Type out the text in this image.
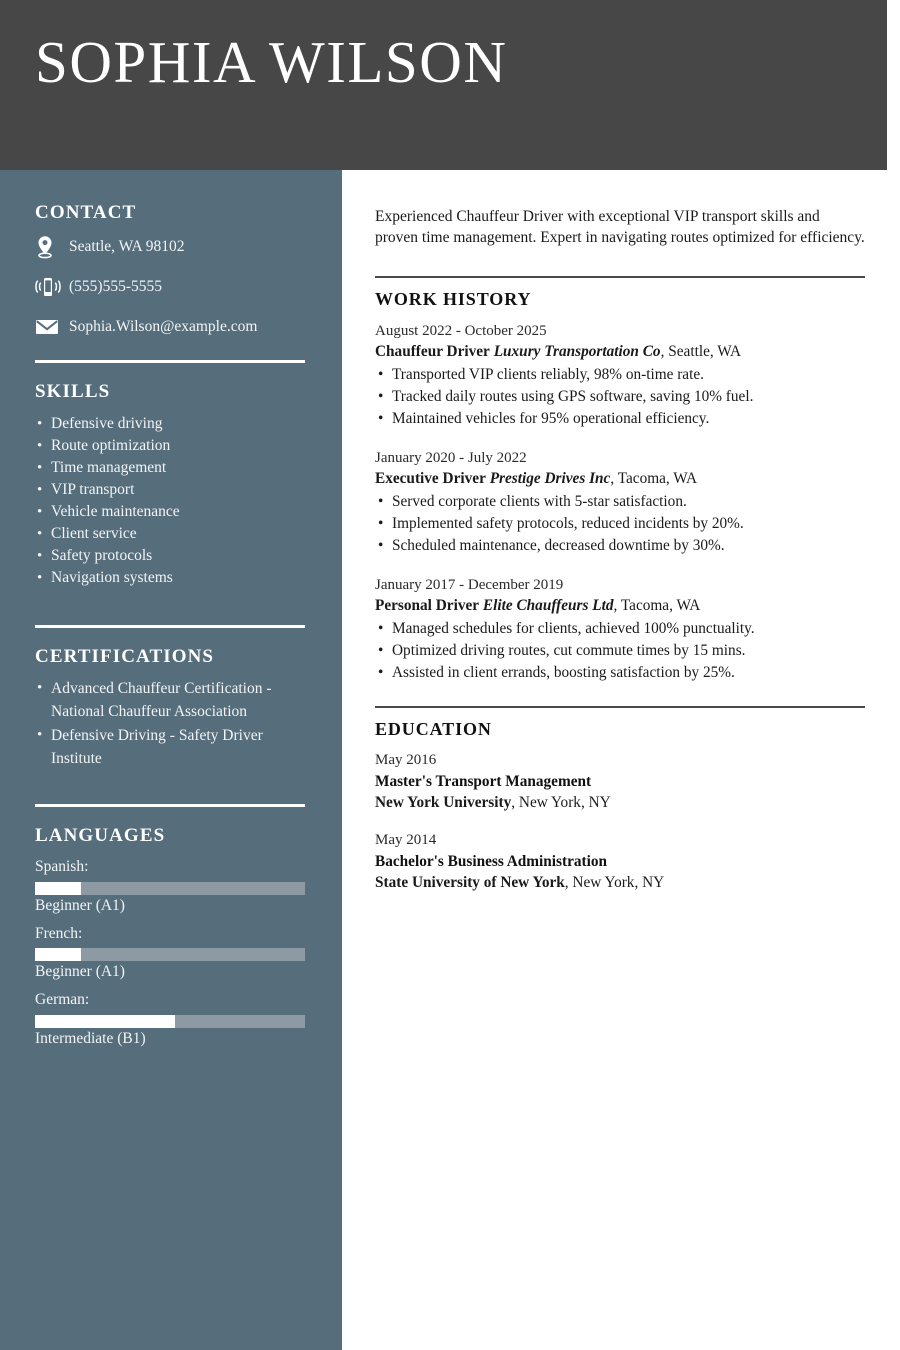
SOPHIA WILSON
CONTACT
Seattle, WA 98102
(555)555-5555
Sophia.Wilson@example.com
SKILLS
• Defensive driving
• Route optimization
• Time management
• VIP transport
• Vehicle maintenance
• Client service
• Safety protocols
• Navigation systems
CERTIFICATIONS
• Advanced Chauffeur Certification - National Chauffeur Association
• Defensive Driving - Safety Driver Institute
LANGUAGES
Spanish:
Beginner (A1)
French:
Beginner (A1)
German:
Intermediate (B1)

Experienced Chauffeur Driver with exceptional VIP transport skills and proven time management. Expert in navigating routes optimized for efficiency.

WORK HISTORY
August 2022 - October 2025
Chauffeur Driver Luxury Transportation Co, Seattle, WA
• Transported VIP clients reliably, 98% on-time rate.
• Tracked daily routes using GPS software, saving 10% fuel.
• Maintained vehicles for 95% operational efficiency.
January 2020 - July 2022
Executive Driver Prestige Drives Inc, Tacoma, WA
• Served corporate clients with 5-star satisfaction.
• Implemented safety protocols, reduced incidents by 20%.
• Scheduled maintenance, decreased downtime by 30%.
January 2017 - December 2019
Personal Driver Elite Chauffeurs Ltd, Tacoma, WA
• Managed schedules for clients, achieved 100% punctuality.
• Optimized driving routes, cut commute times by 15 mins.
• Assisted in client errands, boosting satisfaction by 25%.
EDUCATION
May 2016
Master's Transport Management
New York University, New York, NY
May 2014
Bachelor's Business Administration
State University of New York, New York, NY
